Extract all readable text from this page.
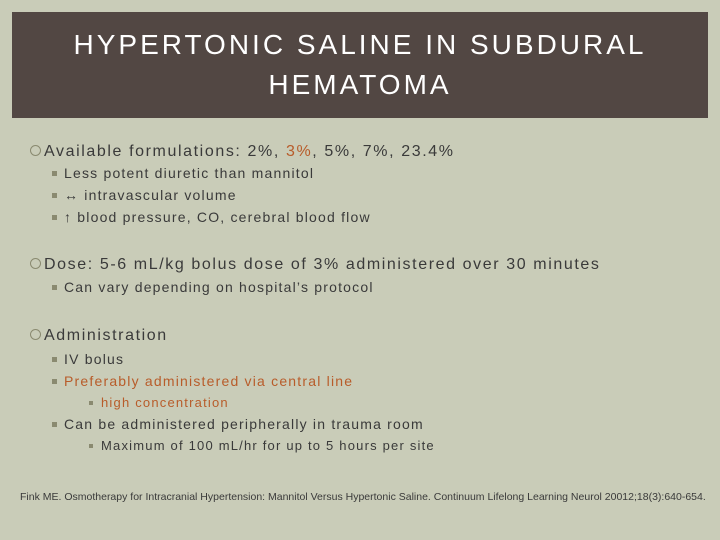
HYPERTONIC SALINE IN SUBDURAL
HEMATOMA
Available formulations: 2%, 3%, 5%, 7%, 23.4%
Less potent diuretic than mannitol
↔ intravascular volume
↑ blood pressure, CO, cerebral blood flow
Dose: 5-6 mL/kg bolus dose of 3% administered over 30 minutes
Can vary depending on hospital’s protocol
Administration
IV bolus
Preferably administered via central line
high concentration
Can be administered peripherally in trauma room
Maximum of 100 mL/hr for up to 5 hours per site
Fink ME. Osmotherapy for Intracranial Hypertension: Mannitol Versus Hypertonic Saline. Continuum Lifelong Learning Neurol 20012;18(3):640-654.
